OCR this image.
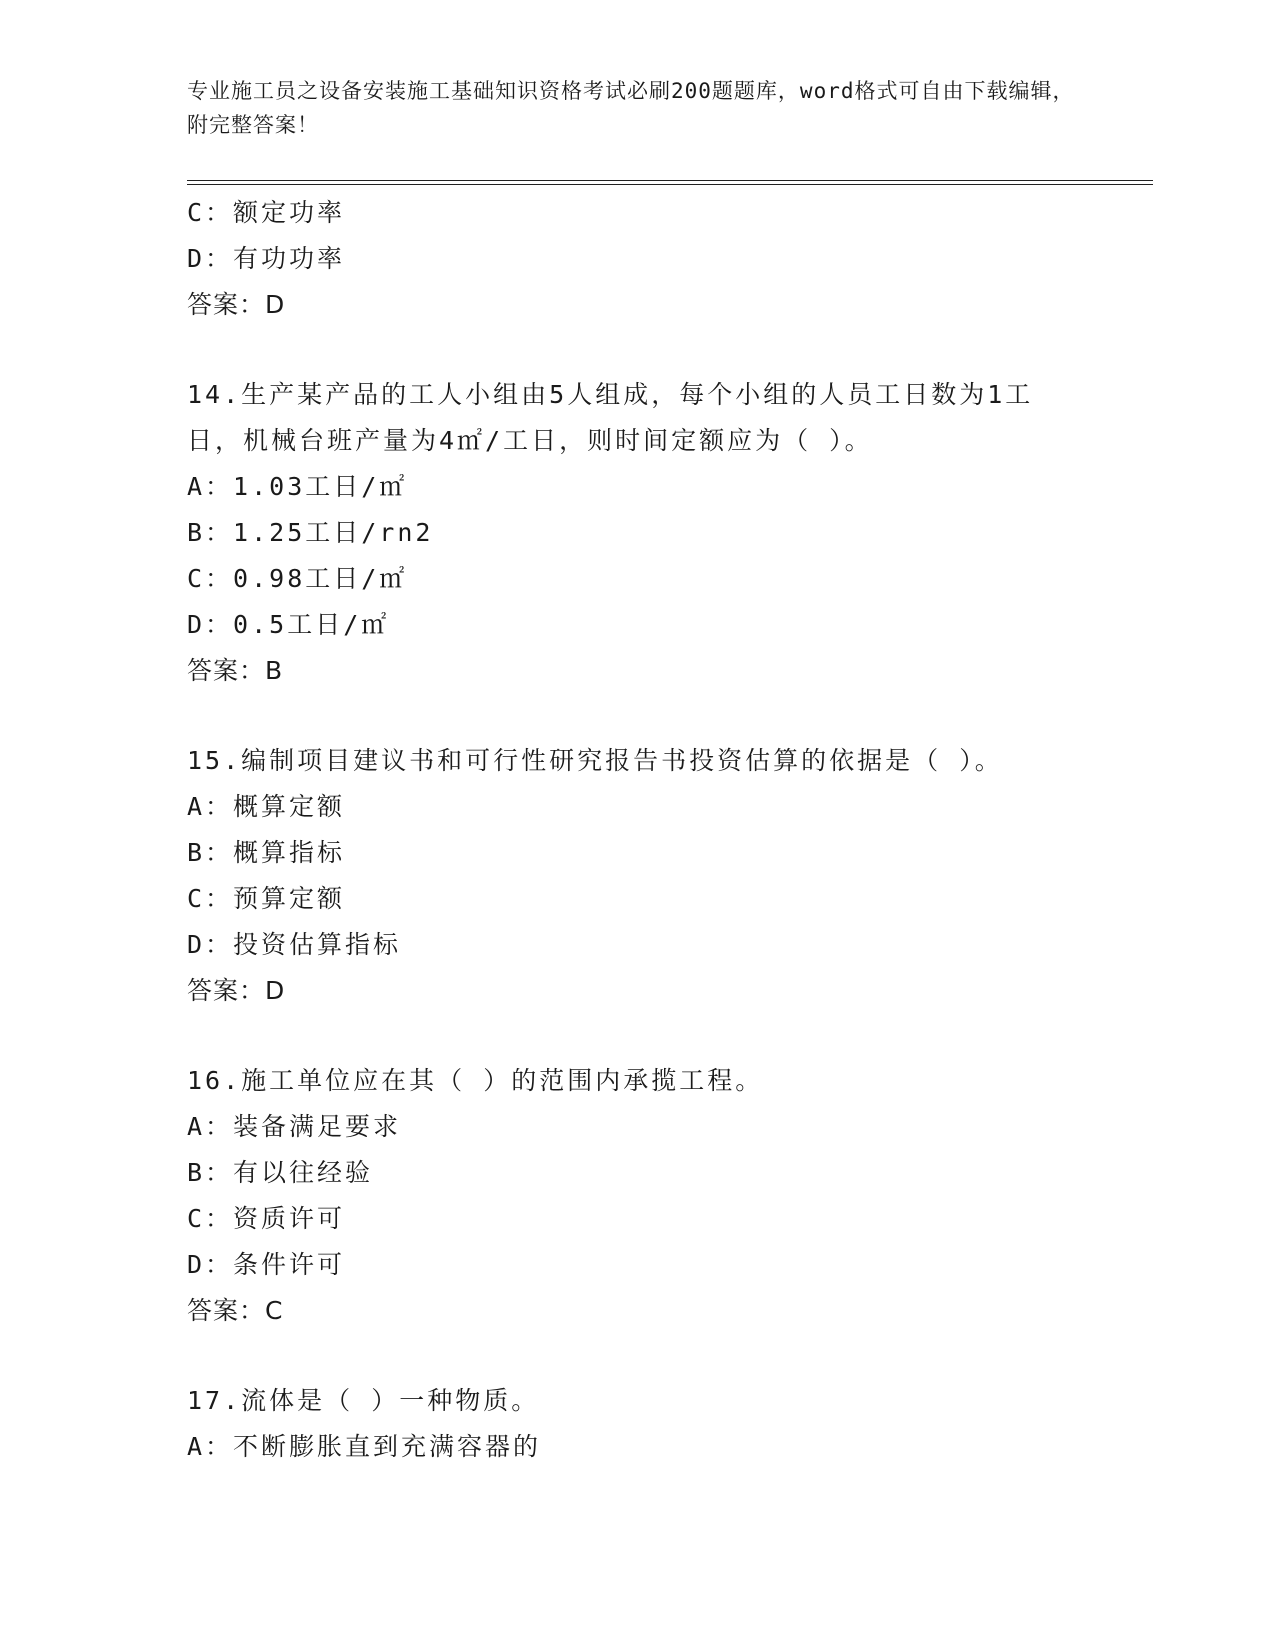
专业施工员之设备安装施工基础知识资格考试必刷200题题库，word格式可自由下载编辑，附完整答案！
C：额定功率
D：有功功率
答案：D
14.生产某产品的工人小组由5人组成，每个小组的人员工日数为1工
日，机械台班产量为4㎡/工日，则时间定额应为（ ）。
A：1.03工日/㎡
B：1.25工日/rn2
C：0.98工日/㎡
D：0.5工日/㎡
答案：B
15.编制项目建议书和可行性研究报告书投资估算的依据是（ ）。
A：概算定额
B：概算指标
C：预算定额
D：投资估算指标
答案：D
16.施工单位应在其（ ）的范围内承揽工程。
A：装备满足要求
B：有以往经验
C：资质许可
D：条件许可
答案：C
17.流体是（ ）一种物质。
A：不断膨胀直到充满容器的
